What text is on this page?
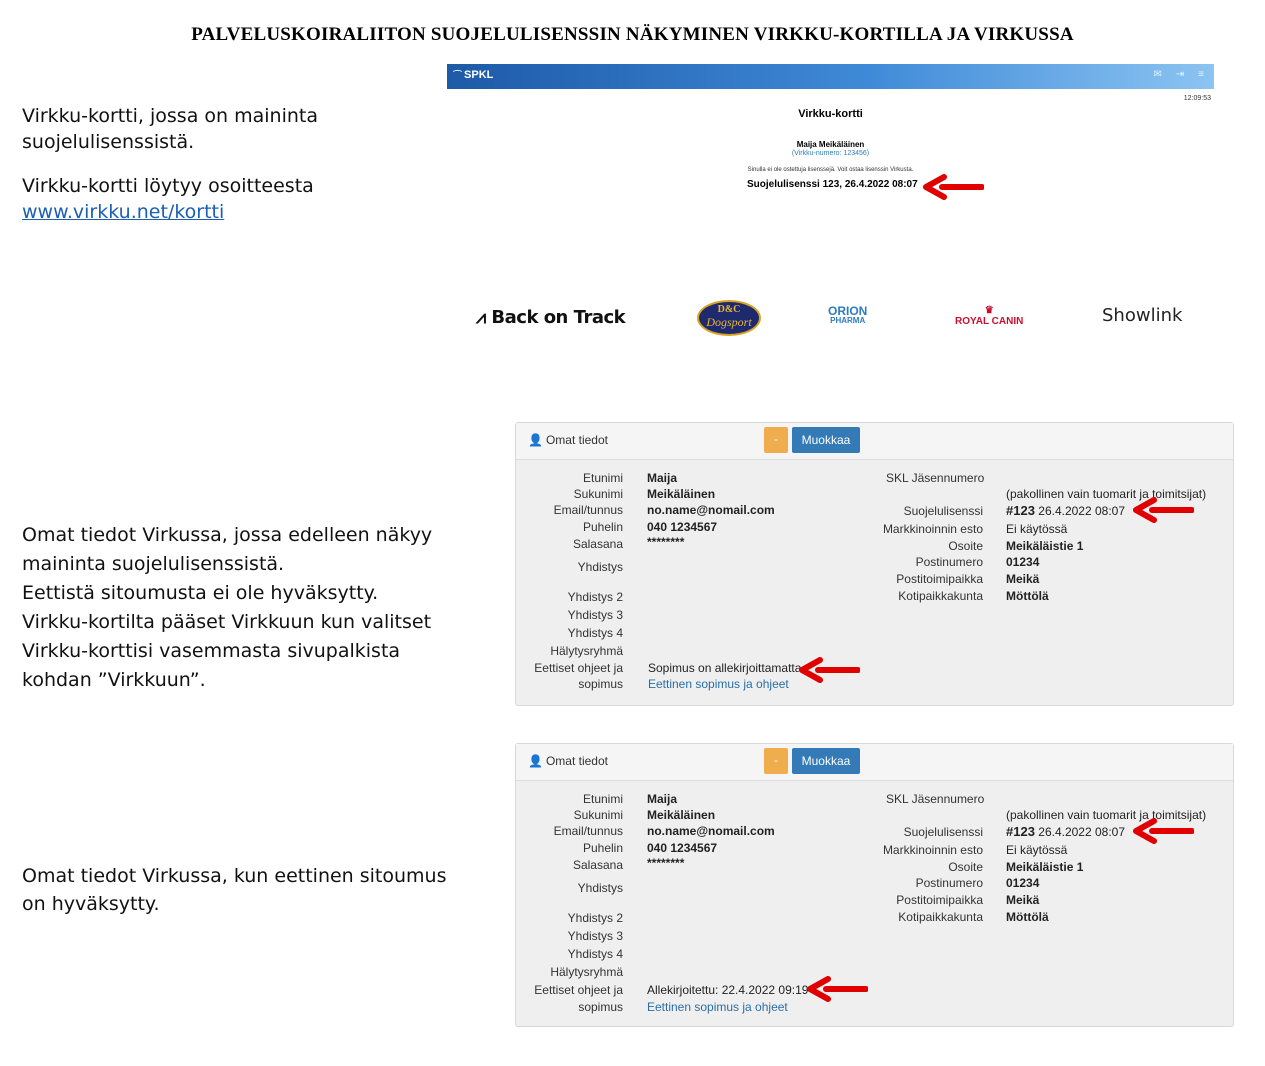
PALVELUSKOIRALIITON SUOJELULISENSSIN NÄKYMINEN VIRKKU-KORTILLA JA VIRKUSSA

Virkku-kortti, jossa on maininta

suojelulisenssistä.

Virkku-kortti löytyy osoitteesta

www.virkku.net/kortti

Omat tiedot Virkussa, jossa edelleen näkyy

maininta suojelulisenssistä.

Eettistä sitoumusta ei ole hyväksytty.

Virkku-kortilta pääset Virkkuun kun valitset

Virkku-korttisi vasemmasta sivupalkista

kohdan ”Virkkuun”.

Omat tiedot Virkussa, kun eettinen sitoumus

on hyväksytty.

⌒ SPKL	✉ ⇥ ≡
12:09:53
Virkku-kortti
Maija Meikäläinen
(Virkku-numero: 123456)
Sinulla ei ole ostettuja lisenssejä. Voit ostaa lisenssin Virkusta.
Suojelulisenssi 123, 26.4.2022 08:07
⩘ Back on Track	D&C
Dogsport
ORION
PHARMA
♛
ROYAL CANIN	Showlink
👤 Omat tiedot	-	Muokkaa
Etunimi
Sukunimi
Email/tunnus
Puhelin
Salasana
Yhdistys
Yhdistys 2
Yhdistys 3
Yhdistys 4
Hälytysryhmä
Eettiset ohjeet ja
sopimus
Maija
Meikäläinen
no.name@nomail.com
040 1234567
********
Sopimus on allekirjoittamatta
Eettinen sopimus ja ohjeet
SKL Jäsennumero
(pakollinen vain tuomarit ja toimitsijat)
Suojelulisenssi
Markkinoinnin esto
Osoite
Postinumero
Postitoimipaikka
Kotipaikkakunta
#123 26.4.2022 08:07
Ei käytössä
Meikäläistie 1
01234
Meikä
Möttölä
👤 Omat tiedot	-	Muokkaa
Etunimi
Sukunimi
Email/tunnus
Puhelin
Salasana
Yhdistys
Yhdistys 2
Yhdistys 3
Yhdistys 4
Hälytysryhmä
Eettiset ohjeet ja
sopimus
Maija
Meikäläinen
no.name@nomail.com
040 1234567
********
Allekirjoitettu: 22.4.2022 09:19
Eettinen sopimus ja ohjeet
SKL Jäsennumero
(pakollinen vain tuomarit ja toimitsijat)
Suojelulisenssi
Markkinoinnin esto
Osoite
Postinumero
Postitoimipaikka
Kotipaikkakunta
#123 26.4.2022 08:07
Ei käytössä
Meikäläistie 1
01234
Meikä
Möttölä
